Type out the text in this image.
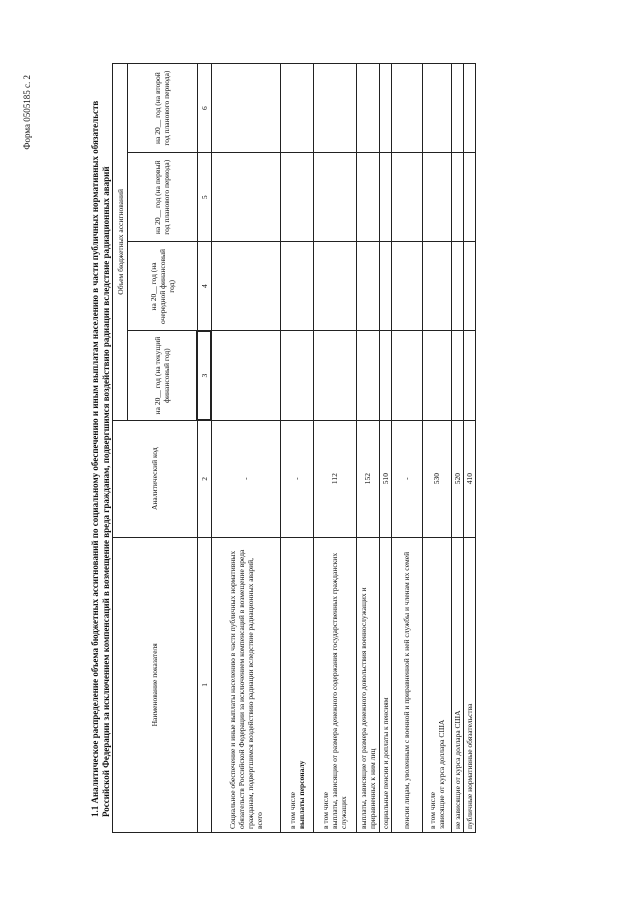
Форма 0505185 с. 2	1.1 Аналитическое распределение объема бюджетных ассигнований по социальному обеспечению и иным выплатам населению в части публичных нормативных обязательств Российской Федерации за исключением компенсаций в возмещение вреда гражданам, подвергшимся воздействию радиации вследствие радиационных аварий	Наименование показателя	Аналитический код	Объем бюджетных ассигнований			
		на 20__ год (на текущий финансовый год)	на 20__ год (на очередной финансовый год)	на 20__ год (на первый год планового периода)	на 20__ год (на второй год планового периода)
1	2	3	4	5	6
Социальное обеспечение и иные выплаты населению в части публичных нормативных обязательств Российской Федерации за исключением компенсаций в возмещение вреда гражданам, подвергшимся воздействию радиации вследствие радиационных аварий, всего	-				

в том числе выплаты персоналу	-				

в том числе выплаты, зависящие от размера денежного содержания государственных гражданских служащих	112				
выплаты, зависящие от размера денежного довольствия военнослужащих и приравненных к ним лиц	152				
социальные пенсии и доплаты к пенсиям	510				
пенсии лицам, уволенным с военной и приравненной к ней службы и членам их семей	-				

в том числе зависящие от курса доллара США	530				
не зависящие от курса доллара США	520				
публичные нормативные обязательства	410				
